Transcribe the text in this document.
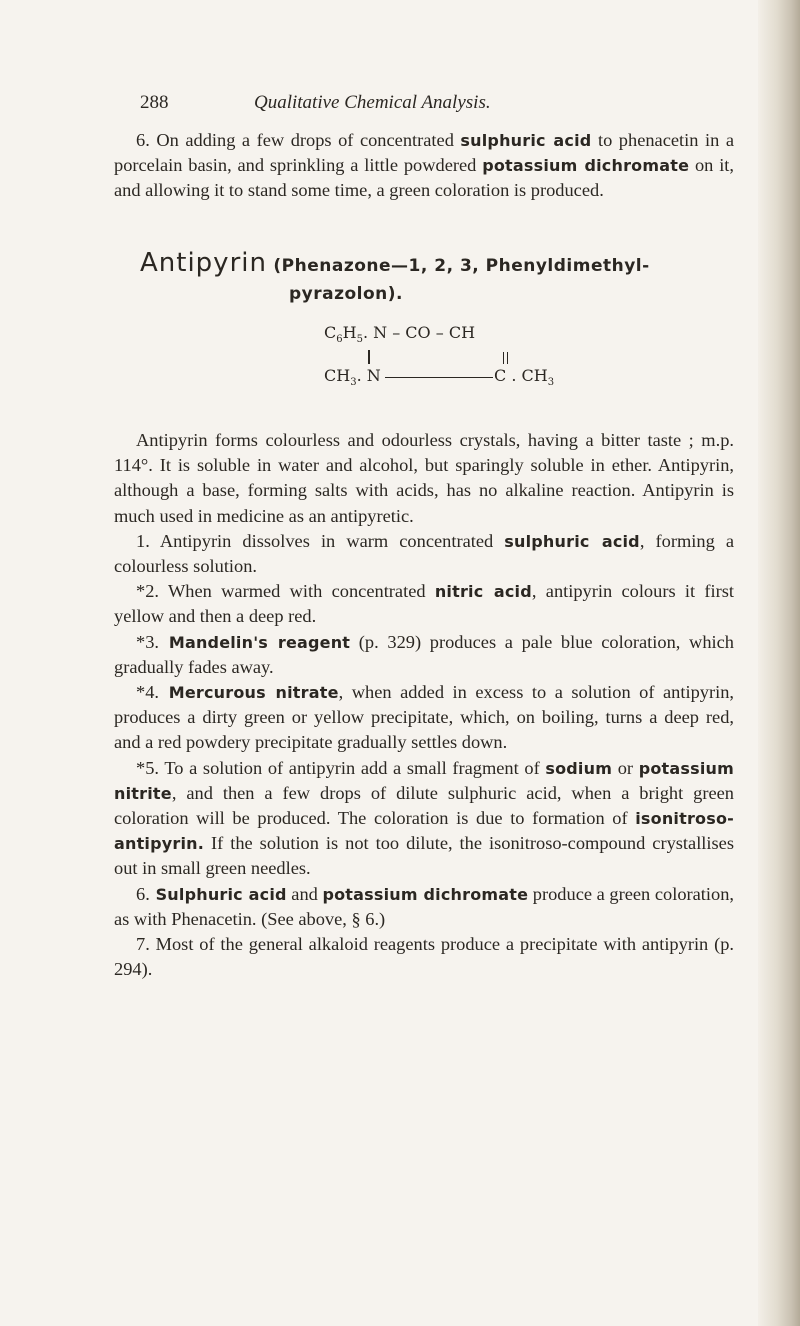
288	Qualitative Chemical Analysis.

6. On adding a few drops of concentrated sulphuric acid to phenacetin in a porcelain basin, and sprinkling a little powdered potassium dichromate on it, and allowing it to stand some time, a green coloration is produced.

Antipyrin (Phenazone—1, 2, 3, Phenyldimethyl-
pyrazolon).
$C_6H_5$. N – CO – CH
$CH_3$. N	C . $CH_3$

Antipyrin forms colourless and odourless crystals, having a bitter taste ; m.p. 114°. It is soluble in water and alcohol, but sparingly soluble in ether. Antipyrin, although a base, forming salts with acids, has no alkaline reaction. Antipyrin is much used in medicine as an antipyretic.

1. Antipyrin dissolves in warm concentrated sulphuric acid, forming a colourless solution.

*2. When warmed with concentrated nitric acid, antipyrin colours it first yellow and then a deep red.

*3. Mandelin's reagent (p. 329) produces a pale blue coloration, which gradually fades away.

*4. Mercurous nitrate, when added in excess to a solution of antipyrin, produces a dirty green or yellow precipitate, which, on boiling, turns a deep red, and a red powdery precipitate gradually settles down.

*5. To a solution of antipyrin add a small fragment of sodium or potassium nitrite, and then a few drops of dilute sulphuric acid, when a bright green coloration will be produced. The coloration is due to formation of isonitroso-antipyrin. If the solution is not too dilute, the isonitroso-compound crystallises out in small green needles.

6. Sulphuric acid and potassium dichromate produce a green coloration, as with Phenacetin. (See above, § 6.)

7. Most of the general alkaloid reagents produce a precipitate with antipyrin (p. 294).
